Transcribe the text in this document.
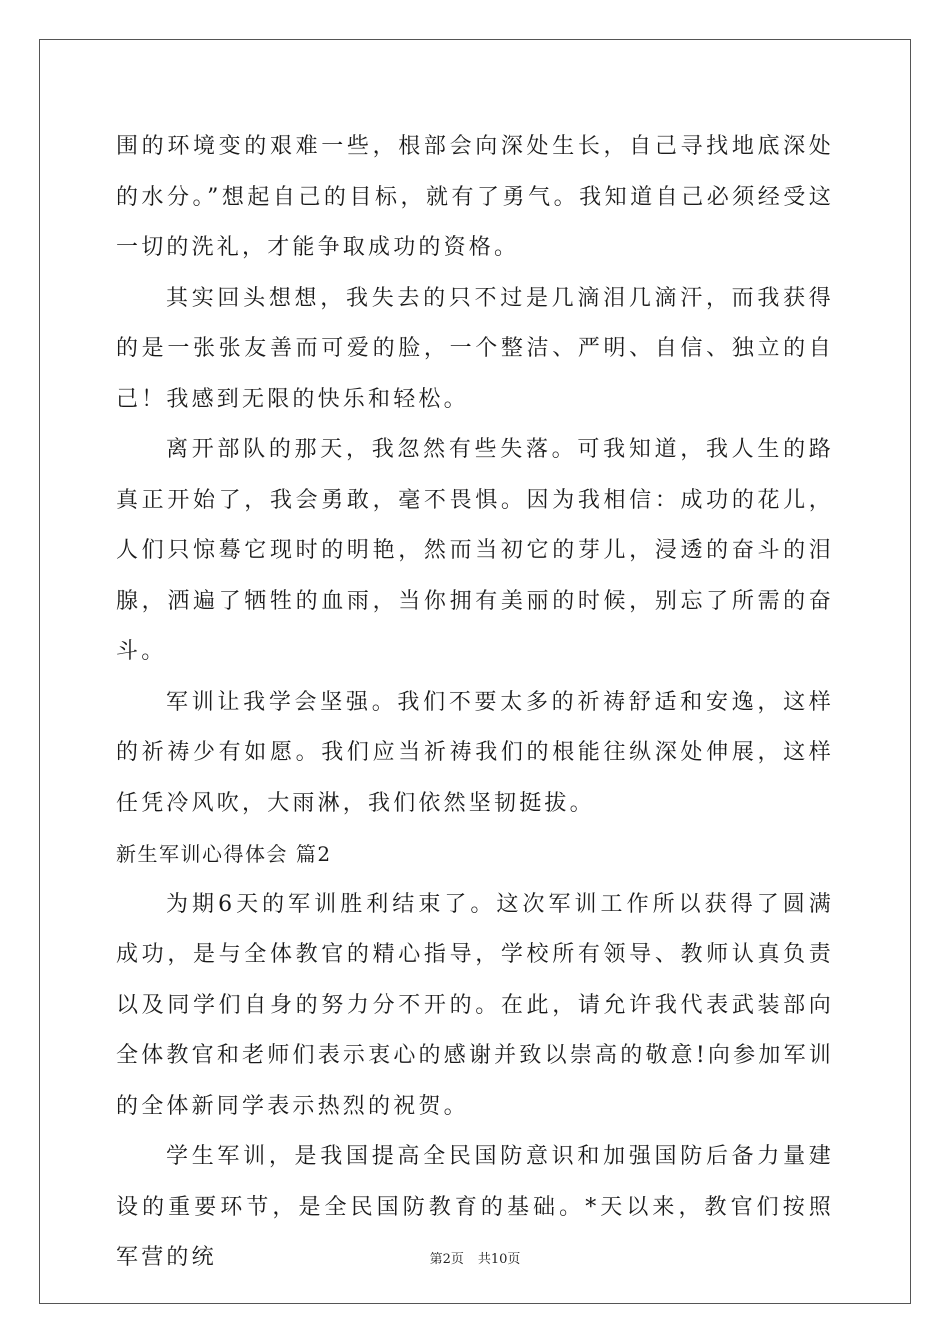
围的环境变的艰难一些，根部会向深处生长，自己寻找地底深处的水分。”想起自己的目标，就有了勇气。我知道自己必须经受这一切的洗礼，才能争取成功的资格。

其实回头想想，我失去的只不过是几滴泪几滴汗，而我获得的是一张张友善而可爱的脸，一个整洁、严明、自信、独立的自己！我感到无限的快乐和轻松。

离开部队的那天，我忽然有些失落。可我知道，我人生的路真正开始了，我会勇敢，毫不畏惧。因为我相信：成功的花儿，人们只惊蓦它现时的明艳，然而当初它的芽儿，浸透的奋斗的泪腺，洒遍了牺牲的血雨，当你拥有美丽的时候，别忘了所需的奋斗。

军训让我学会坚强。我们不要太多的祈祷舒适和安逸，这样的祈祷少有如愿。我们应当祈祷我们的根能往纵深处伸展，这样任凭冷风吹，大雨淋，我们依然坚韧挺拔。

新生军训心得体会 篇2

为期6天的军训胜利结束了。这次军训工作所以获得了圆满成功，是与全体教官的精心指导，学校所有领导、教师认真负责以及同学们自身的努力分不开的。在此，请允许我代表武装部向全体教官和老师们表示衷心的感谢并致以崇高的敬意!向参加军训的全体新同学表示热烈的祝贺。

学生军训，是我国提高全民国防意识和加强国防后备力量建设的重要环节，是全民国防教育的基础。*天以来，教官们按照军营的统	第2页 共10页
